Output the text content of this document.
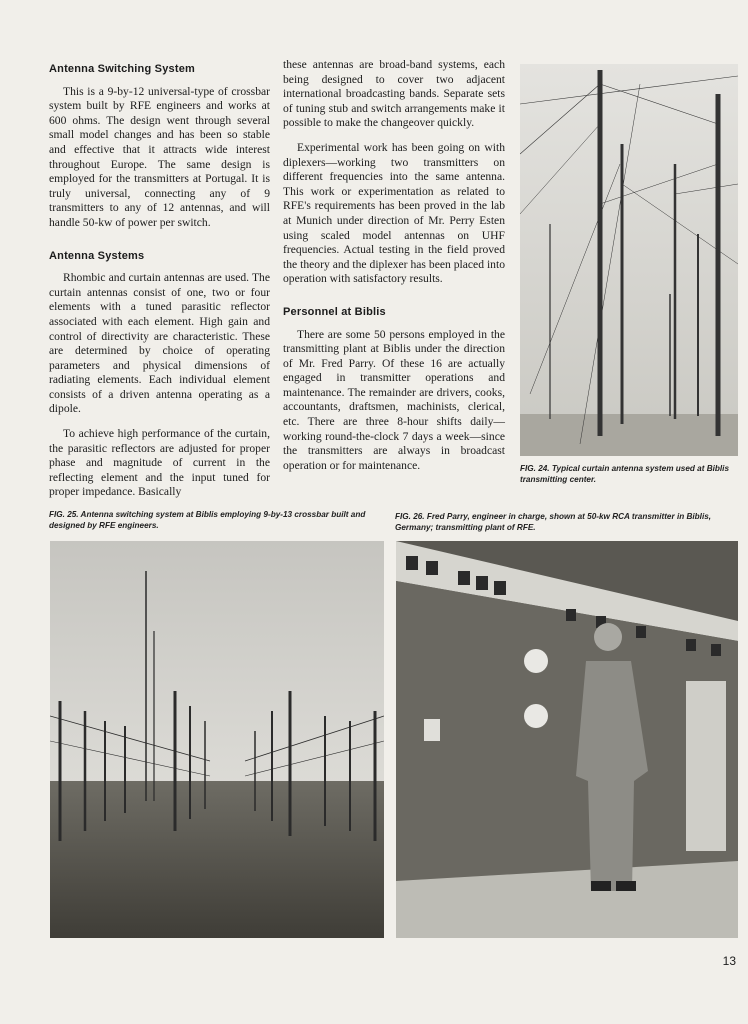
Antenna Switching System

This is a 9-by-12 universal-type of crossbar system built by RFE engineers and works at 600 ohms. The design went through several small model changes and has been so stable and effective that it attracts wide interest throughout Europe. The same design is employed for the transmitters at Portugal. It is truly universal, connecting any of 9 transmitters to any of 12 antennas, and will handle 50-kw of power per switch.

Antenna Systems

Rhombic and curtain antennas are used. The curtain antennas consist of one, two or four elements with a tuned parasitic reflector associated with each element. High gain and control of directivity are characteristic. These are determined by choice of operating parameters and physical dimensions of radiating elements. Each individual element consists of a driven antenna operating as a dipole.

To achieve high performance of the curtain, the parasitic reflectors are adjusted for proper phase and magnitude of current in the reflecting element and the input tuned for proper impedance. Basically

these antennas are broad-band systems, each being designed to cover two adjacent international broadcasting bands. Separate sets of tuning stub and switch arrangements make it possible to make the changeover quickly.

Experimental work has been going on with diplexers—working two transmitters on different frequencies into the same antenna. This work or experimentation as related to RFE's requirements has been proved in the lab at Munich under direction of Mr. Perry Esten using scaled model antennas on UHF frequencies. Actual testing in the field proved the theory and the diplexer has been placed into operation with satisfactory results.

Personnel at Biblis

There are some 50 persons employed in the transmitting plant at Biblis under the direction of Mr. Fred Parry. Of these 16 are actually engaged in transmitter operations and maintenance. The remainder are drivers, cooks, accountants, draftsmen, machinists, clerical, etc. There are three 8-hour shifts daily—working round-the-clock 7 days a week—since the transmitters are always in broadcast operation or for maintenance.	FIG. 24. Typical curtain antenna system used at Biblis transmitting center.
FIG. 25. Antenna switching system at Biblis employing 9-by-13 crossbar built and designed by RFE engineers.
FIG. 26. Fred Parry, engineer in charge, shown at 50-kw RCA transmitter in Biblis, Germany; transmitting plant of RFE.
13
